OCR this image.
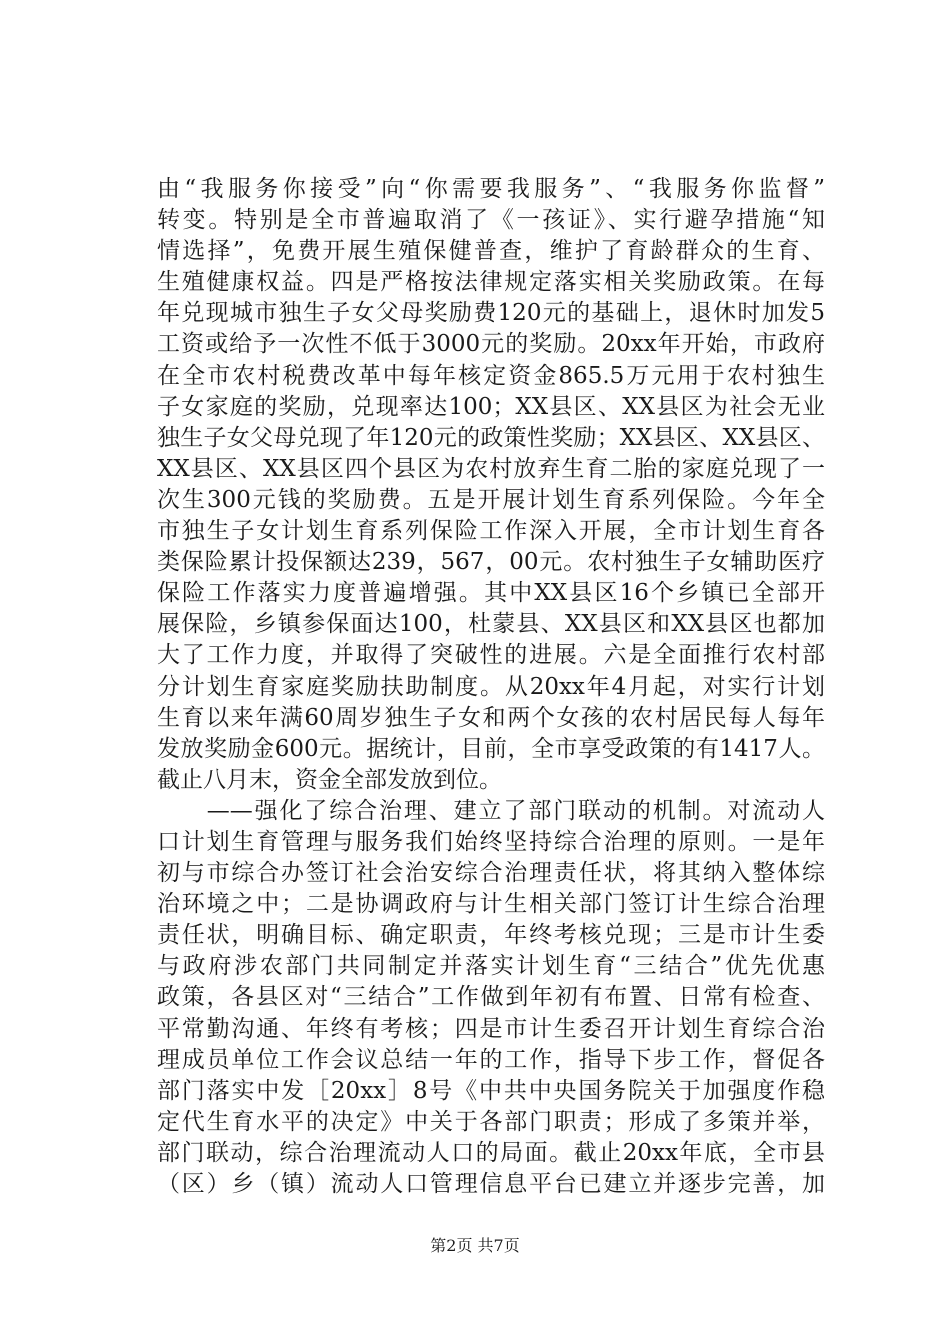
由“我服务你接受”向“你需要我服务”、“我服务你监督”
转变。特别是全市普遍取消了《一孩证》、实行避孕措施“知
情选择”，免费开展生殖保健普查，维护了育龄群众的生育、
生殖健康权益。四是严格按法律规定落实相关奖励政策。在每
年兑现城市独生子女父母奖励费120元的基础上，退休时加发5
工资或给予一次性不低于3000元的奖励。20xx年开始，市政府
在全市农村税费改革中每年核定资金865.5万元用于农村独生
子女家庭的奖励，兑现率达100；XX县区、XX县区为社会无业
独生子女父母兑现了年120元的政策性奖励；XX县区、XX县区、
XX县区、XX县区四个县区为农村放弃生育二胎的家庭兑现了一
次生300元钱的奖励费。五是开展计划生育系列保险。今年全
市独生子女计划生育系列保险工作深入开展，全市计划生育各
类保险累计投保额达239，567，00元。农村独生子女辅助医疗
保险工作落实力度普遍增强。其中XX县区16个乡镇已全部开
展保险，乡镇参保面达100，杜蒙县、XX县区和XX县区也都加
大了工作力度，并取得了突破性的进展。六是全面推行农村部
分计划生育家庭奖励扶助制度。从20xx年4月起，对实行计划
生育以来年满60周岁独生子女和两个女孩的农村居民每人每年
发放奖励金600元。据统计，目前，全市享受政策的有1417人。
截止八月末，资金全部发放到位。
　　——强化了综合治理、建立了部门联动的机制。对流动人
口计划生育管理与服务我们始终坚持综合治理的原则。一是年
初与市综合办签订社会治安综合治理责任状，将其纳入整体综
治环境之中；二是协调政府与计生相关部门签订计生综合治理
责任状，明确目标、确定职责，年终考核兑现；三是市计生委
与政府涉农部门共同制定并落实计划生育“三结合”优先优惠
政策，各县区对“三结合”工作做到年初有布置、日常有检查、
平常勤沟通、年终有考核；四是市计生委召开计划生育综合治
理成员单位工作会议总结一年的工作，指导下步工作，督促各
部门落实中发［20xx］8号《中共中央国务院关于加强度作稳
定代生育水平的决定》中关于各部门职责；形成了多策并举，
部门联动，综合治理流动人口的局面。截止20xx年底，全市县
（区）乡（镇）流动人口管理信息平台已建立并逐步完善，加
第2页 共7页
